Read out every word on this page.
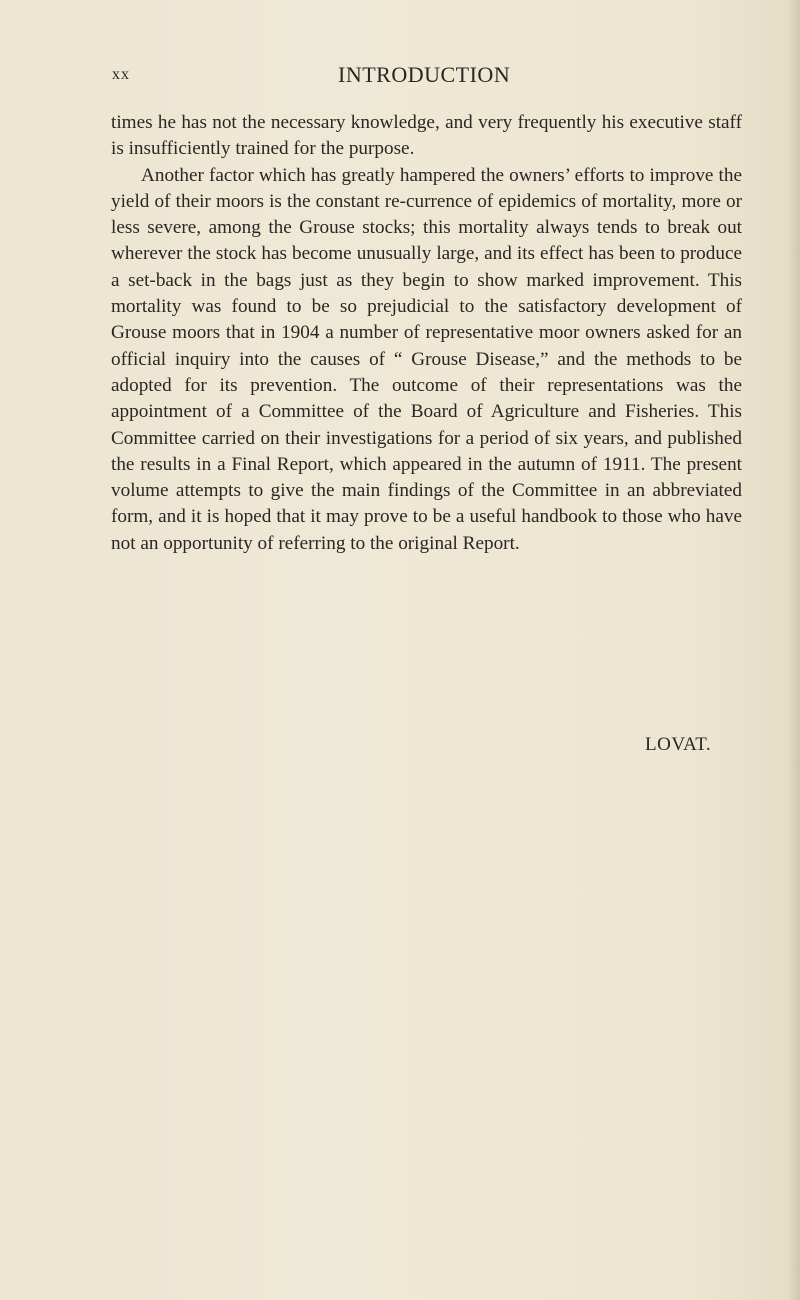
xx	INTRODUCTION

times he has not the necessary knowledge, and very frequently his executive staff is insufficiently trained for the purpose.

Another factor which has greatly hampered the owners’ efforts to improve the yield of their moors is the constant re-currence of epidemics of mortality, more or less severe, among the Grouse stocks; this mortality always tends to break out wherever the stock has become unusually large, and its effect has been to produce a set-back in the bags just as they begin to show marked improvement. This mortality was found to be so prejudicial to the satisfactory development of Grouse moors that in 1904 a number of representative moor owners asked for an official inquiry into the causes of “ Grouse Disease,” and the methods to be adopted for its prevention. The outcome of their representations was the appointment of a Committee of the Board of Agriculture and Fisheries. This Committee carried on their investigations for a period of six years, and published the results in a Final Report, which appeared in the autumn of 1911. The present volume attempts to give the main findings of the Committee in an abbreviated form, and it is hoped that it may prove to be a useful handbook to those who have not an opportunity of referring to the original Report.

LOVAT.
